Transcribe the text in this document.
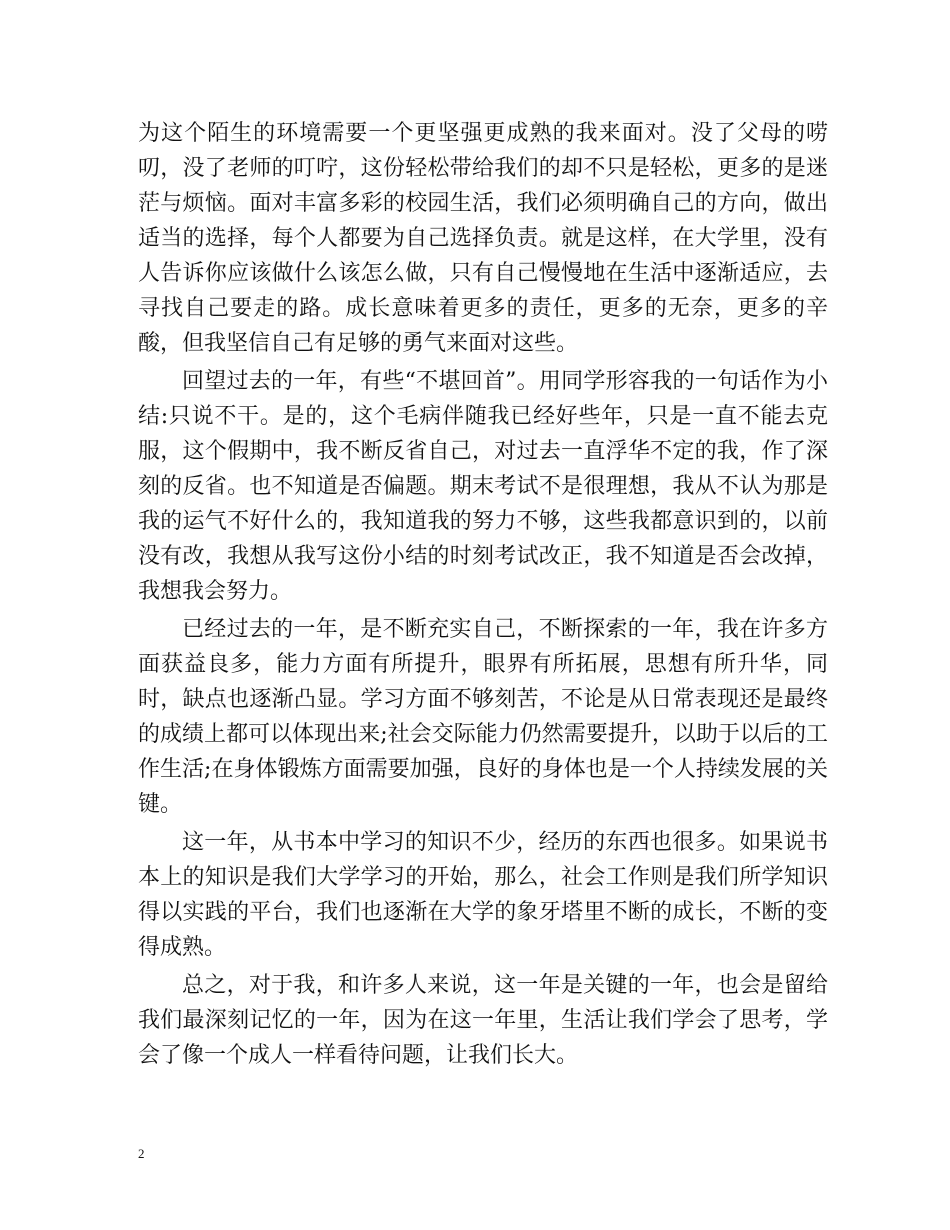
为这个陌生的环境需要一个更坚强更成熟的我来面对。没了父母的唠叨，没了老师的叮咛，这份轻松带给我们的却不只是轻松，更多的是迷茫与烦恼。面对丰富多彩的校园生活，我们必须明确自己的方向，做出适当的选择，每个人都要为自己选择负责。就是这样，在大学里，没有人告诉你应该做什么该怎么做，只有自己慢慢地在生活中逐渐适应，去寻找自己要走的路。成长意味着更多的责任，更多的无奈，更多的辛酸，但我坚信自己有足够的勇气来面对这些。

回望过去的一年，有些“不堪回首”。用同学形容我的一句话作为小结:只说不干。是的，这个毛病伴随我已经好些年，只是一直不能去克服，这个假期中，我不断反省自己，对过去一直浮华不定的我，作了深刻的反省。也不知道是否偏题。期末考试不是很理想，我从不认为那是我的运气不好什么的，我知道我的努力不够，这些我都意识到的，以前没有改，我想从我写这份小结的时刻考试改正，我不知道是否会改掉，我想我会努力。

已经过去的一年，是不断充实自己，不断探索的一年，我在许多方面获益良多，能力方面有所提升，眼界有所拓展，思想有所升华，同时，缺点也逐渐凸显。学习方面不够刻苦，不论是从日常表现还是最终的成绩上都可以体现出来;社会交际能力仍然需要提升，以助于以后的工作生活;在身体锻炼方面需要加强，良好的身体也是一个人持续发展的关键。

这一年，从书本中学习的知识不少，经历的东西也很多。如果说书本上的知识是我们大学学习的开始，那么，社会工作则是我们所学知识得以实践的平台，我们也逐渐在大学的象牙塔里不断的成长，不断的变得成熟。

总之，对于我，和许多人来说，这一年是关键的一年，也会是留给我们最深刻记忆的一年，因为在这一年里，生活让我们学会了思考，学会了像一个成人一样看待问题，让我们长大。

2
